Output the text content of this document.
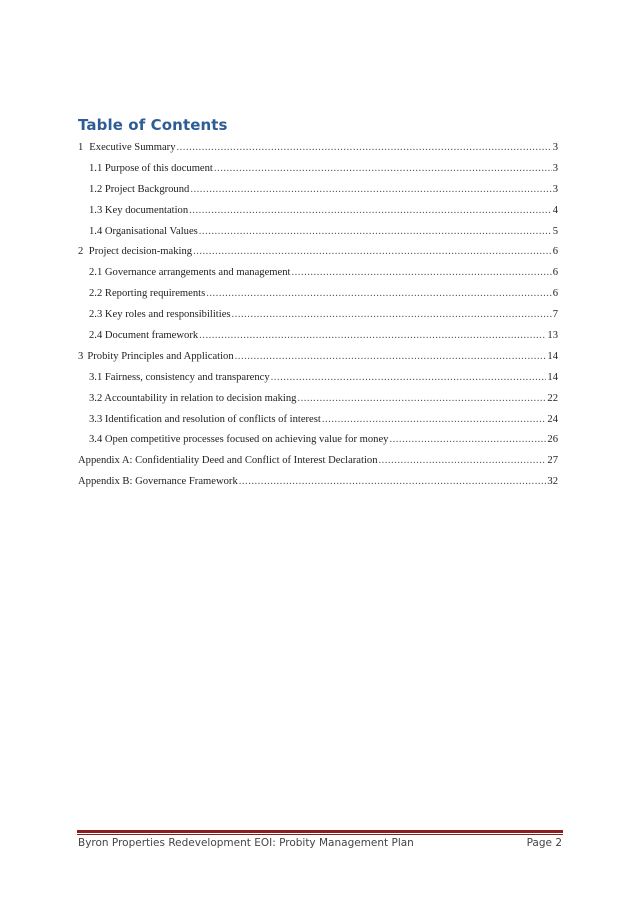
Table of Contents
1 Executive Summary .....	3
1.1 Purpose of this document .....	3
1.2 Project Background .....	3
1.3 Key documentation .....	4
1.4 Organisational Values .....	5
2 Project decision-making .....	6
2.1 Governance arrangements and management .....	6
2.2 Reporting requirements .....	6
2.3 Key roles and responsibilities .....	7
2.4 Document framework .....	13
3 Probity Principles and Application .....	14
3.1 Fairness, consistency and transparency .....	14
3.2 Accountability in relation to decision making .....	22
3.3 Identification and resolution of conflicts of interest .....	24
3.4 Open competitive processes focused on achieving value for money .....	26
Appendix A: Confidentiality Deed and Conflict of Interest Declaration .....	27
Appendix B: Governance Framework .....	32
Byron Properties Redevelopment EOI: Probity Management Plan	Page 2
